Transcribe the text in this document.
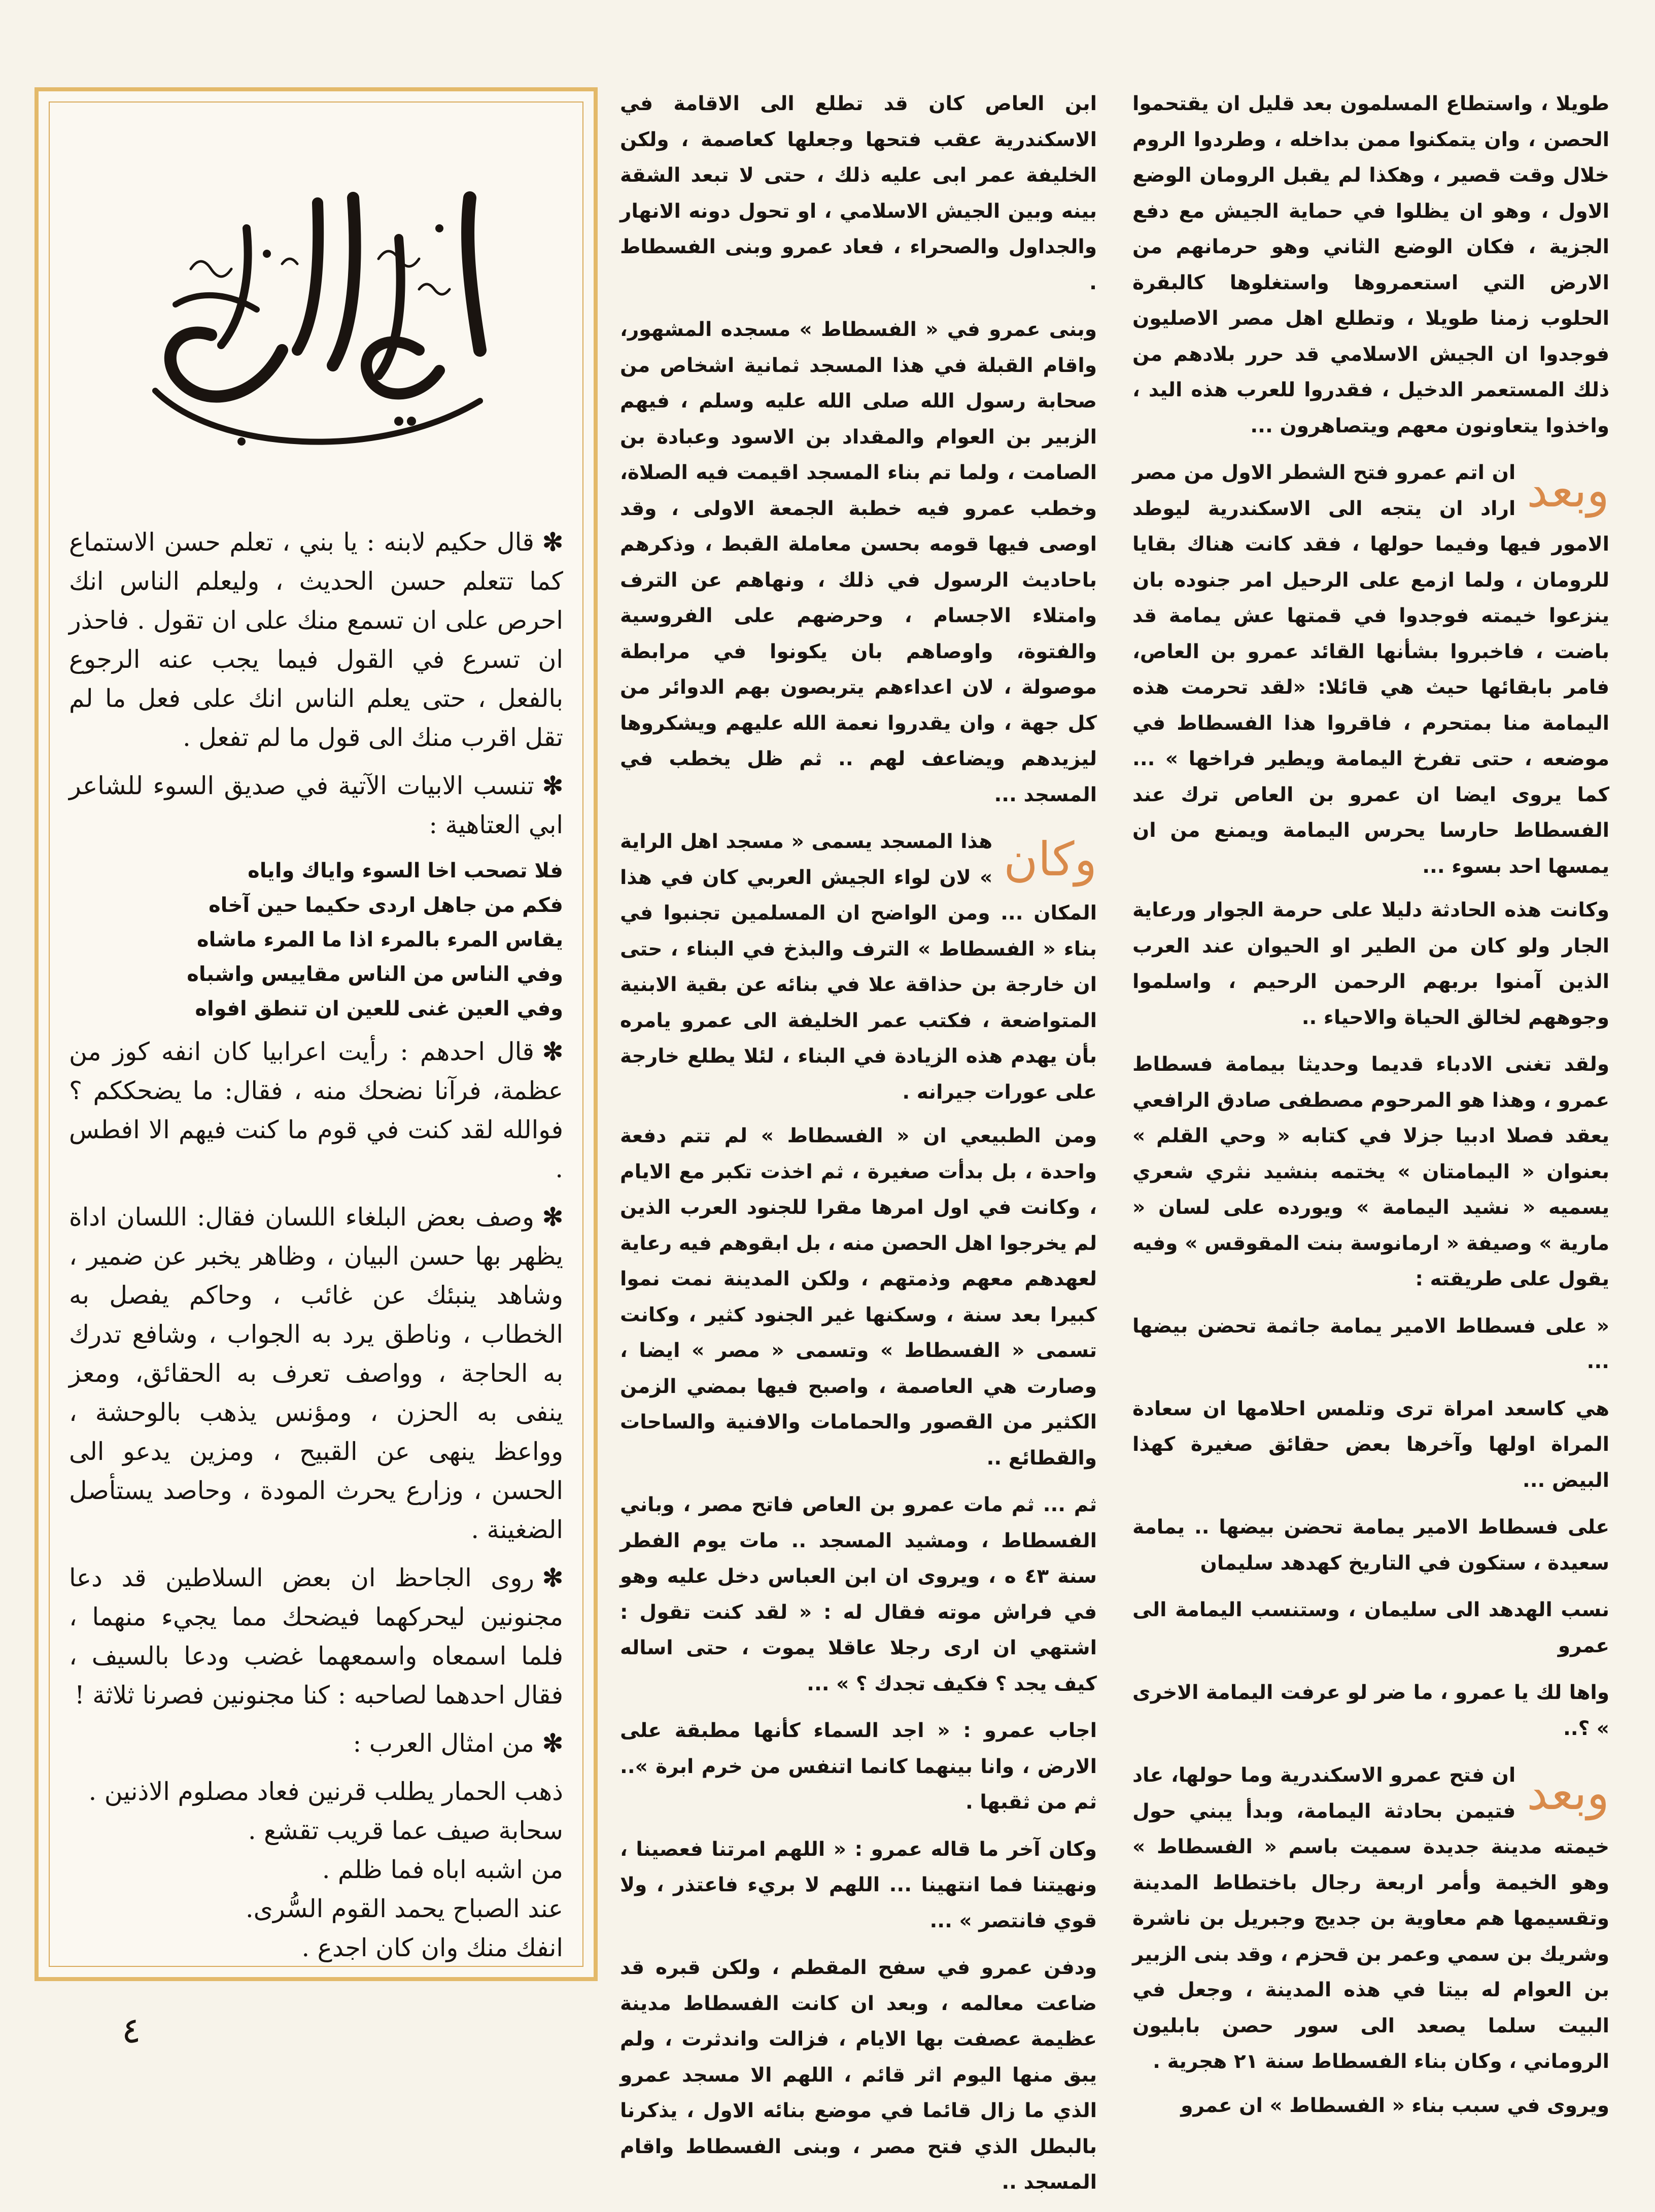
طويلا ، واستطاع المسلمون بعد قليل ان يقتحموا الحصن ، وان يتمكنوا ممن بداخله ، وطردوا الروم خلال وقت قصير ، وهكذا لم يقبل الرومان الوضع الاول ، وهو ان يظلوا في حماية الجيش مع دفع الجزية ، فكان الوضع الثاني وهو حرمانهم من الارض التي استعمروها واستغلوها كالبقرة الحلوب زمنا طويلا ، وتطلع اهل مصر الاصليون فوجدوا ان الجيش الاسلامي قد حرر بلادهم من ذلك المستعمر الدخيل ، فقدروا للعرب هذه اليد ، واخذوا يتعاونون معهم ويتصاهرون ...

وبعد
ان اتم عمرو فتح الشطر الاول من مصر اراد ان يتجه الى الاسكندرية ليوطد الامور فيها وفيما حولها ، فقد كانت هناك بقايا للرومان ، ولما ازمع على الرحيل امر جنوده بان ينزعوا خيمته فوجدوا في قمتها عش يمامة قد باضت ، فاخبروا بشأنها القائد عمرو بن العاص، فامر بابقائها حيث هي قائلا: «لقد تحرمت هذه اليمامة منا بمتحرم ، فاقروا هذا الفسطاط في موضعه ، حتى تفرخ اليمامة ويطير فراخها » ... كما يروى ايضا ان عمرو بن العاص ترك عند الفسطاط حارسا يحرس اليمامة ويمنع من ان يمسها احد بسوء ...

وكانت هذه الحادثة دليلا على حرمة الجوار ورعاية الجار ولو كان من الطير او الحيوان عند العرب الذين آمنوا بربهم الرحمن الرحيم ، واسلموا وجوههم لخالق الحياة والاحياء ..

ولقد تغنى الادباء قديما وحديثا بيمامة فسطاط عمرو ، وهذا هو المرحوم مصطفى صادق الرافعي يعقد فصلا ادبيا جزلا في كتابه « وحي القلم » بعنوان « اليمامتان » يختمه بنشيد نثري شعري يسميه « نشيد اليمامة » ويورده على لسان « مارية » وصيفة « ارمانوسة بنت المقوقس » وفيه يقول على طريقته :

« على فسطاط الامير يمامة جاثمة تحضن بيضها ...

هي كاسعد امراة ترى وتلمس احلامها ان سعادة المراة اولها وآخرها بعض حقائق صغيرة كهذا البيض ...

على فسطاط الامير يمامة تحضن بيضها .. يمامة سعيدة ، ستكون في التاريخ كهدهد سليمان

نسب الهدهد الى سليمان ، وستنسب اليمامة الى عمرو

واها لك يا عمرو ، ما ضر لو عرفت اليمامة الاخرى » ؟..

وبعد
ان فتح عمرو الاسكندرية وما حولها، عاد فتيمن بحادثة اليمامة، وبدأ يبني حول خيمته مدينة جديدة سميت باسم « الفسطاط » وهو الخيمة وأمر اربعة رجال باختطاط المدينة وتقسيمها هم معاوية بن جديج وجبريل بن ناشرة وشريك بن سمي وعمر بن قحزم ، وقد بنى الزبير بن العوام له بيتا في هذه المدينة ، وجعل في البيت سلما يصعد الى سور حصن بابليون الروماني ، وكان بناء الفسطاط سنة ٢١ هجرية .

ويروى في سبب بناء « الفسطاط » ان عمرو

ابن العاص كان قد تطلع الى الاقامة في الاسكندرية عقب فتحها وجعلها كعاصمة ، ولكن الخليفة عمر ابى عليه ذلك ، حتى لا تبعد الشقة بينه وبين الجيش الاسلامي ، او تحول دونه الانهار والجداول والصحراء ، فعاد عمرو وبنى الفسطاط .

وبنى عمرو في « الفسطاط » مسجده المشهور، واقام القبلة في هذا المسجد ثمانية اشخاص من صحابة رسول الله صلى الله عليه وسلم ، فيهم الزبير بن العوام والمقداد بن الاسود وعبادة بن الصامت ، ولما تم بناء المسجد اقيمت فيه الصلاة، وخطب عمرو فيه خطبة الجمعة الاولى ، وقد اوصى فيها قومه بحسن معاملة القبط ، وذكرهم باحاديث الرسول في ذلك ، ونهاهم عن الترف وامتلاء الاجسام ، وحرضهم على الفروسية والفتوة، واوصاهم بان يكونوا في مرابطة موصولة ، لان اعداءهم يتربصون بهم الدوائر من كل جهة ، وان يقدروا نعمة الله عليهم ويشكروها ليزيدهم ويضاعف لهم .. ثم ظل يخطب في المسجد ...

وكان
هذا المسجد يسمى « مسجد اهل الراية » لان لواء الجيش العربي كان في هذا المكان ... ومن الواضح ان المسلمين تجنبوا في بناء « الفسطاط » الترف والبذخ في البناء ، حتى ان خارجة بن حذاقة علا في بنائه عن بقية الابنية المتواضعة ، فكتب عمر الخليفة الى عمرو يامره بأن يهدم هذه الزيادة في البناء ، لئلا يطلع خارجة على عورات جيرانه .

ومن الطبيعي ان « الفسطاط » لم تتم دفعة واحدة ، بل بدأت صغيرة ، ثم اخذت تكبر مع الايام ، وكانت في اول امرها مقرا للجنود العرب الذين لم يخرجوا اهل الحصن منه ، بل ابقوهم فيه رعاية لعهدهم معهم وذمتهم ، ولكن المدينة نمت نموا كبيرا بعد سنة ، وسكنها غير الجنود كثير ، وكانت تسمى « الفسطاط » وتسمى « مصر » ايضا ، وصارت هي العاصمة ، واصبح فيها بمضي الزمن الكثير من القصور والحمامات والافنية والساحات والقطائع ..

ثم ... ثم مات عمرو بن العاص فاتح مصر ، وباني الفسطاط ، ومشيد المسجد .. مات يوم الفطر سنة ٤٣ ه ، ويروى ان ابن العباس دخل عليه وهو في فراش موته فقال له : « لقد كنت تقول : اشتهي ان ارى رجلا عاقلا يموت ، حتى اساله كيف يجد ؟ فكيف تجدك ؟ » ...

اجاب عمرو : « اجد السماء كأنها مطبقة على الارض ، وانا بينهما كانما اتنفس من خرم ابرة ».. ثم من ثقبها .

وكان آخر ما قاله عمرو : « اللهم امرتنا فعصينا ، ونهيتنا فما انتهينا ... اللهم لا بريء فاعتذر ، ولا قوي فانتصر » ...

ودفن عمرو في سفح المقطم ، ولكن قبره قد ضاعت معالمه ، وبعد ان كانت الفسطاط مدينة عظيمة عصفت بها الايام ، فزالت واندثرت ، ولم يبق منها اليوم اثر قائم ، اللهم الا مسجد عمرو الذي ما زال قائما في موضع بنائه الاول ، يذكرنا بالبطل الذي فتح مصر ، وبنى الفسطاط واقام المسجد ..

✻قال حكيم لابنه : يا بني ، تعلم حسن الاستماع كما تتعلم حسن الحديث ، وليعلم الناس انك احرص على ان تسمع منك على ان تقول . فاحذر ان تسرع في القول فيما يجب عنه الرجوع بالفعل ، حتى يعلم الناس انك على فعل ما لم تقل اقرب منك الى قول ما لم تفعل .
✻تنسب الابيات الآتية في صديق السوء للشاعر ابي العتاهية :
فلا تصحب اخا السوء واياك واياه
فكم من جاهل اردى حكيما حين آخاه
يقاس المرء بالمرء اذا ما المرء ماشاه
وفي الناس من الناس مقاييس واشباه
وفي العين غنى للعين ان تنطق افواه
✻قال احدهم : رأيت اعرابيا كان انفه كوز من عظمة، فرآنا نضحك منه ، فقال: ما يضحككم ؟ فوالله لقد كنت في قوم ما كنت فيهم الا افطس .
✻وصف بعض البلغاء اللسان فقال: اللسان اداة يظهر بها حسن البيان ، وظاهر يخبر عن ضمير ، وشاهد ينبئك عن غائب ، وحاكم يفصل به الخطاب ، وناطق يرد به الجواب ، وشافع تدرك به الحاجة ، وواصف تعرف به الحقائق، ومعز ينفى به الحزن ، ومؤنس يذهب بالوحشة ، وواعظ ينهى عن القبيح ، ومزين يدعو الى الحسن ، وزارع يحرث المودة ، وحاصد يستأصل الضغينة .
✻روى الجاحظ ان بعض السلاطين قد دعا مجنونين ليحركهما فيضحك مما يجيء منهما ، فلما اسمعاه واسمعهما غضب ودعا بالسيف ، فقال احدهما لصاحبه : كنا مجنونين فصرنا ثلاثة !
✻من امثال العرب :
ذهب الحمار يطلب قرنين فعاد مصلوم الاذنين .
سحابة صيف عما قريب تقشع .
من اشبه اباه فما ظلم .
عند الصباح يحمد القوم السُّرى.
انفك منك وان كان اجدع .
٤
